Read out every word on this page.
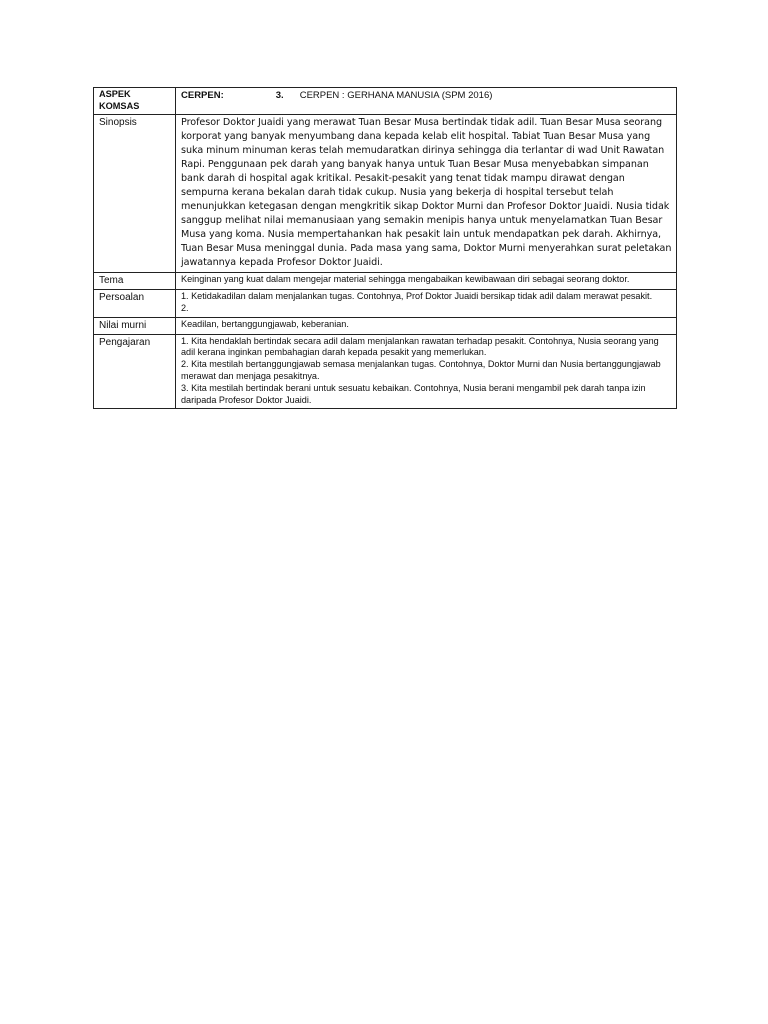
ASPEK
KOMSAS	CERPEN: 3. CERPEN : GERHANA MANUSIA (SPM 2016)
Sinopsis	Profesor Doktor Juaidi yang merawat Tuan Besar Musa bertindak tidak adil. Tuan Besar Musa seorang korporat yang banyak menyumbang dana kepada kelab elit hospital. Tabiat Tuan Besar Musa yang suka minum minuman keras telah memudaratkan dirinya sehingga dia terlantar di wad Unit Rawatan Rapi. Penggunaan pek darah yang banyak hanya untuk Tuan Besar Musa menyebabkan simpanan bank darah di hospital agak kritikal. Pesakit-pesakit yang tenat tidak mampu dirawat dengan sempurna kerana bekalan darah tidak cukup. Nusia yang bekerja di hospital tersebut telah menunjukkan ketegasan dengan mengkritik sikap Doktor Murni dan Profesor Doktor Juaidi. Nusia tidak sanggup melihat nilai memanusiaan yang semakin menipis hanya untuk menyelamatkan Tuan Besar Musa yang koma. Nusia mempertahankan hak pesakit lain untuk mendapatkan pek darah. Akhirnya, Tuan Besar Musa meninggal dunia. Pada masa yang sama, Doktor Murni menyerahkan surat peletakan jawatannya kepada Profesor Doktor Juaidi.
Tema	Keinginan yang kuat dalam mengejar material sehingga mengabaikan kewibawaan diri sebagai seorang doktor.
Persoalan	1. Ketidakadilan dalam menjalankan tugas. Contohnya, Prof Doktor Juaidi bersikap tidak adil dalam merawat pesakit.
2.

Nilai murni	Keadilan, bertanggungjawab, keberanian.
Pengajaran	1. Kita hendaklah bertindak secara adil dalam menjalankan rawatan terhadap pesakit. Contohnya, Nusia seorang yang adil kerana inginkan pembahagian darah kepada pesakit yang memerlukan.
2. Kita mestilah bertanggungjawab semasa menjalankan tugas. Contohnya, Doktor Murni dan Nusia bertanggungjawab merawat dan menjaga pesakitnya.
3. Kita mestilah bertindak berani untuk sesuatu kebaikan. Contohnya, Nusia berani mengambil pek darah tanpa izin daripada Profesor Doktor Juaidi.
